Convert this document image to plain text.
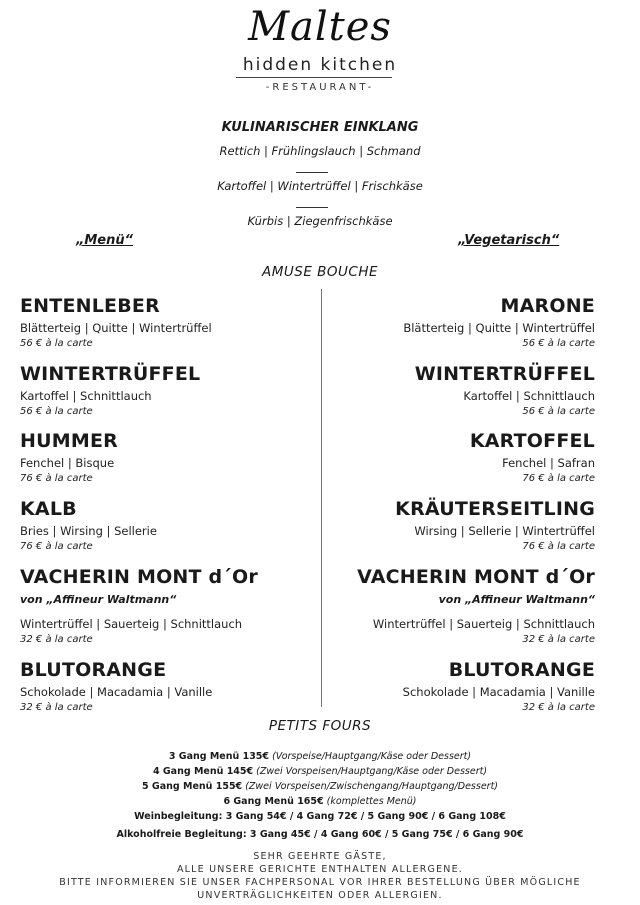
Maltes
hidden kitchen
-RESTAURANT-
KULINARISCHER EINKLANG
Rettich | Frühlingslauch | Schmand
Kartoffel | Wintertrüffel | Frischkäse
Kürbis | Ziegenfrischkäse
„Menü“	„Vegetarisch“
AMUSE BOUCHE
ENTENLEBER
Blätterteig | Quitte | Wintertrüffel
56 € à la carte
WINTERTRÜFFEL
Kartoffel | Schnittlauch
56 € à la carte
HUMMER
Fenchel | Bisque
76 € à la carte
KALB
Bries | Wirsing | Sellerie
76 € à la carte
VACHERIN MONT d´Or
von „Affineur Waltmann“
Wintertrüffel | Sauerteig | Schnittlauch
32 € à la carte
BLUTORANGE
Schokolade | Macadamia | Vanille
32 € à la carte
MARONE
Blätterteig | Quitte | Wintertrüffel
56 € à la carte
WINTERTRÜFFEL
Kartoffel | Schnittlauch
56 € à la carte
KARTOFFEL
Fenchel | Safran
76 € à la carte
KRÄUTERSEITLING
Wirsing | Sellerie | Wintertrüffel
76 € à la carte
VACHERIN MONT d´Or
von „Affineur Waltmann“
Wintertrüffel | Sauerteig | Schnittlauch
32 € à la carte
BLUTORANGE
Schokolade | Macadamia | Vanille
32 € à la carte
PETITS FOURS
3 Gang Menü 135€ (Vorspeise/Hauptgang/Käse oder Dessert)
4 Gang Menü 145€ (Zwei Vorspeisen/Hauptgang/Käse oder Dessert)
5 Gang Menü 155€ (Zwei Vorspeisen/Zwischengang/Hauptgang/Dessert)
6 Gang Menü 165€ (komplettes Menü)
Weinbegleitung: 3 Gang 54€ / 4 Gang 72€ / 5 Gang 90€ / 6 Gang 108€
Alkoholfreie Begleitung: 3 Gang 45€ / 4 Gang 60€ / 5 Gang 75€ / 6 Gang 90€
SEHR GEEHRTE GÄSTE,
ALLE UNSERE GERICHTE ENTHALTEN ALLERGENE.
BITTE INFORMIEREN SIE UNSER FACHPERSONAL VOR IHRER BESTELLUNG ÜBER MÖGLICHE
UNVERTRÄGLICHKEITEN ODER ALLERGIEN.
